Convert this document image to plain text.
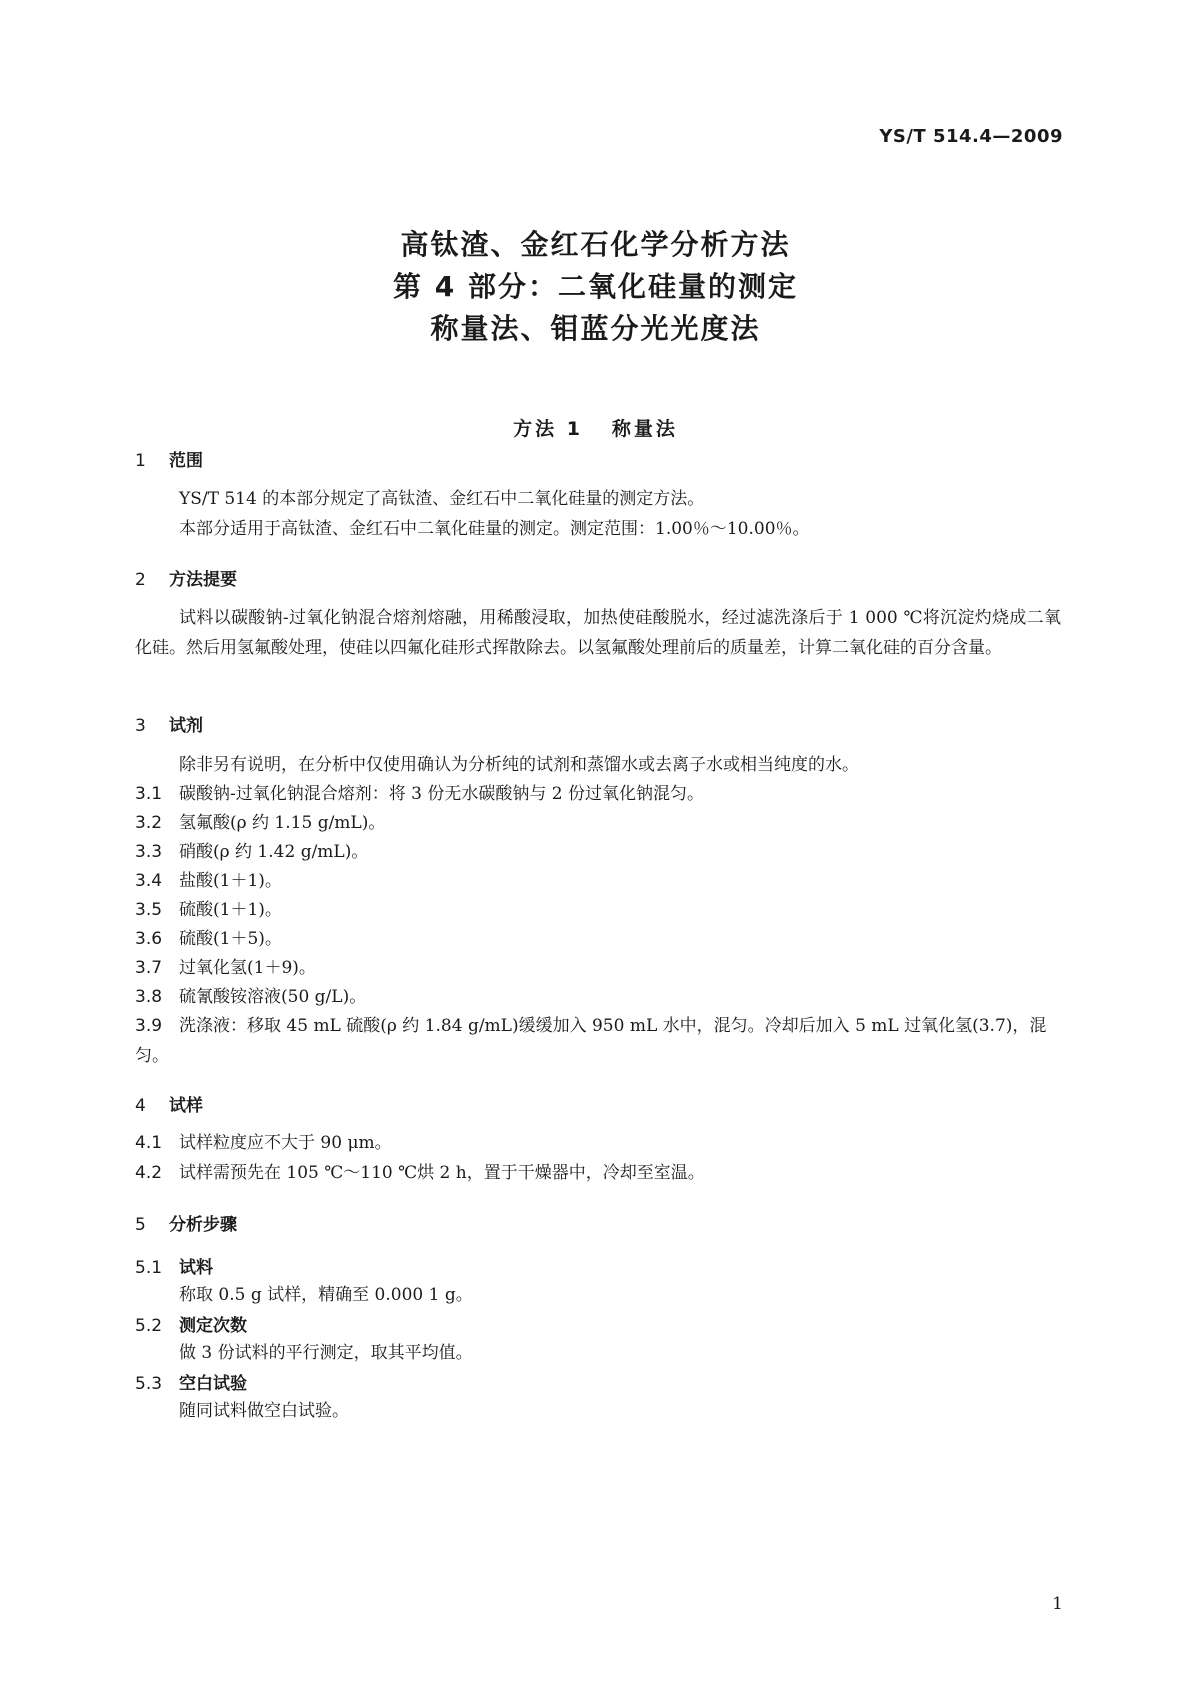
YS/T 514.4—2009
高钛渣、金红石化学分析方法
第 4 部分：二氧化硅量的测定
称量法、钼蓝分光光度法
方法 1   称量法
1 范围
YS/T 514 的本部分规定了高钛渣、金红石中二氧化硅量的测定方法。
本部分适用于高钛渣、金红石中二氧化硅量的测定。测定范围：1.00％～10.00％。
2 方法提要
试料以碳酸钠-过氧化钠混合熔剂熔融，用稀酸浸取，加热使硅酸脱水，经过滤洗涤后于 1 000 ℃将沉淀灼烧成二氧化硅。然后用氢氟酸处理，使硅以四氟化硅形式挥散除去。以氢氟酸处理前后的质量差，计算二氧化硅的百分含量。
3 试剂
除非另有说明，在分析中仅使用确认为分析纯的试剂和蒸馏水或去离子水或相当纯度的水。
3.1 碳酸钠-过氧化钠混合熔剂：将 3 份无水碳酸钠与 2 份过氧化钠混匀。
3.2 氢氟酸(ρ 约 1.15 g/mL)。
3.3 硝酸(ρ 约 1.42 g/mL)。
3.4 盐酸(1＋1)。
3.5 硫酸(1＋1)。
3.6 硫酸(1＋5)。
3.7 过氧化氢(1＋9)。
3.8 硫氰酸铵溶液(50 g/L)。
3.9 洗涤液：移取 45 mL 硫酸(ρ 约 1.84 g/mL)缓缓加入 950 mL 水中，混匀。冷却后加入 5 mL 过氧化氢(3.7)，混匀。
4 试样
4.1 试样粒度应不大于 90 μm。
4.2 试样需预先在 105 ℃～110 ℃烘 2 h，置于干燥器中，冷却至室温。
5 分析步骤
5.1 试料
称取 0.5 g 试样，精确至 0.000 1 g。
5.2 测定次数
做 3 份试料的平行测定，取其平均值。
5.3 空白试验
随同试料做空白试验。
1
